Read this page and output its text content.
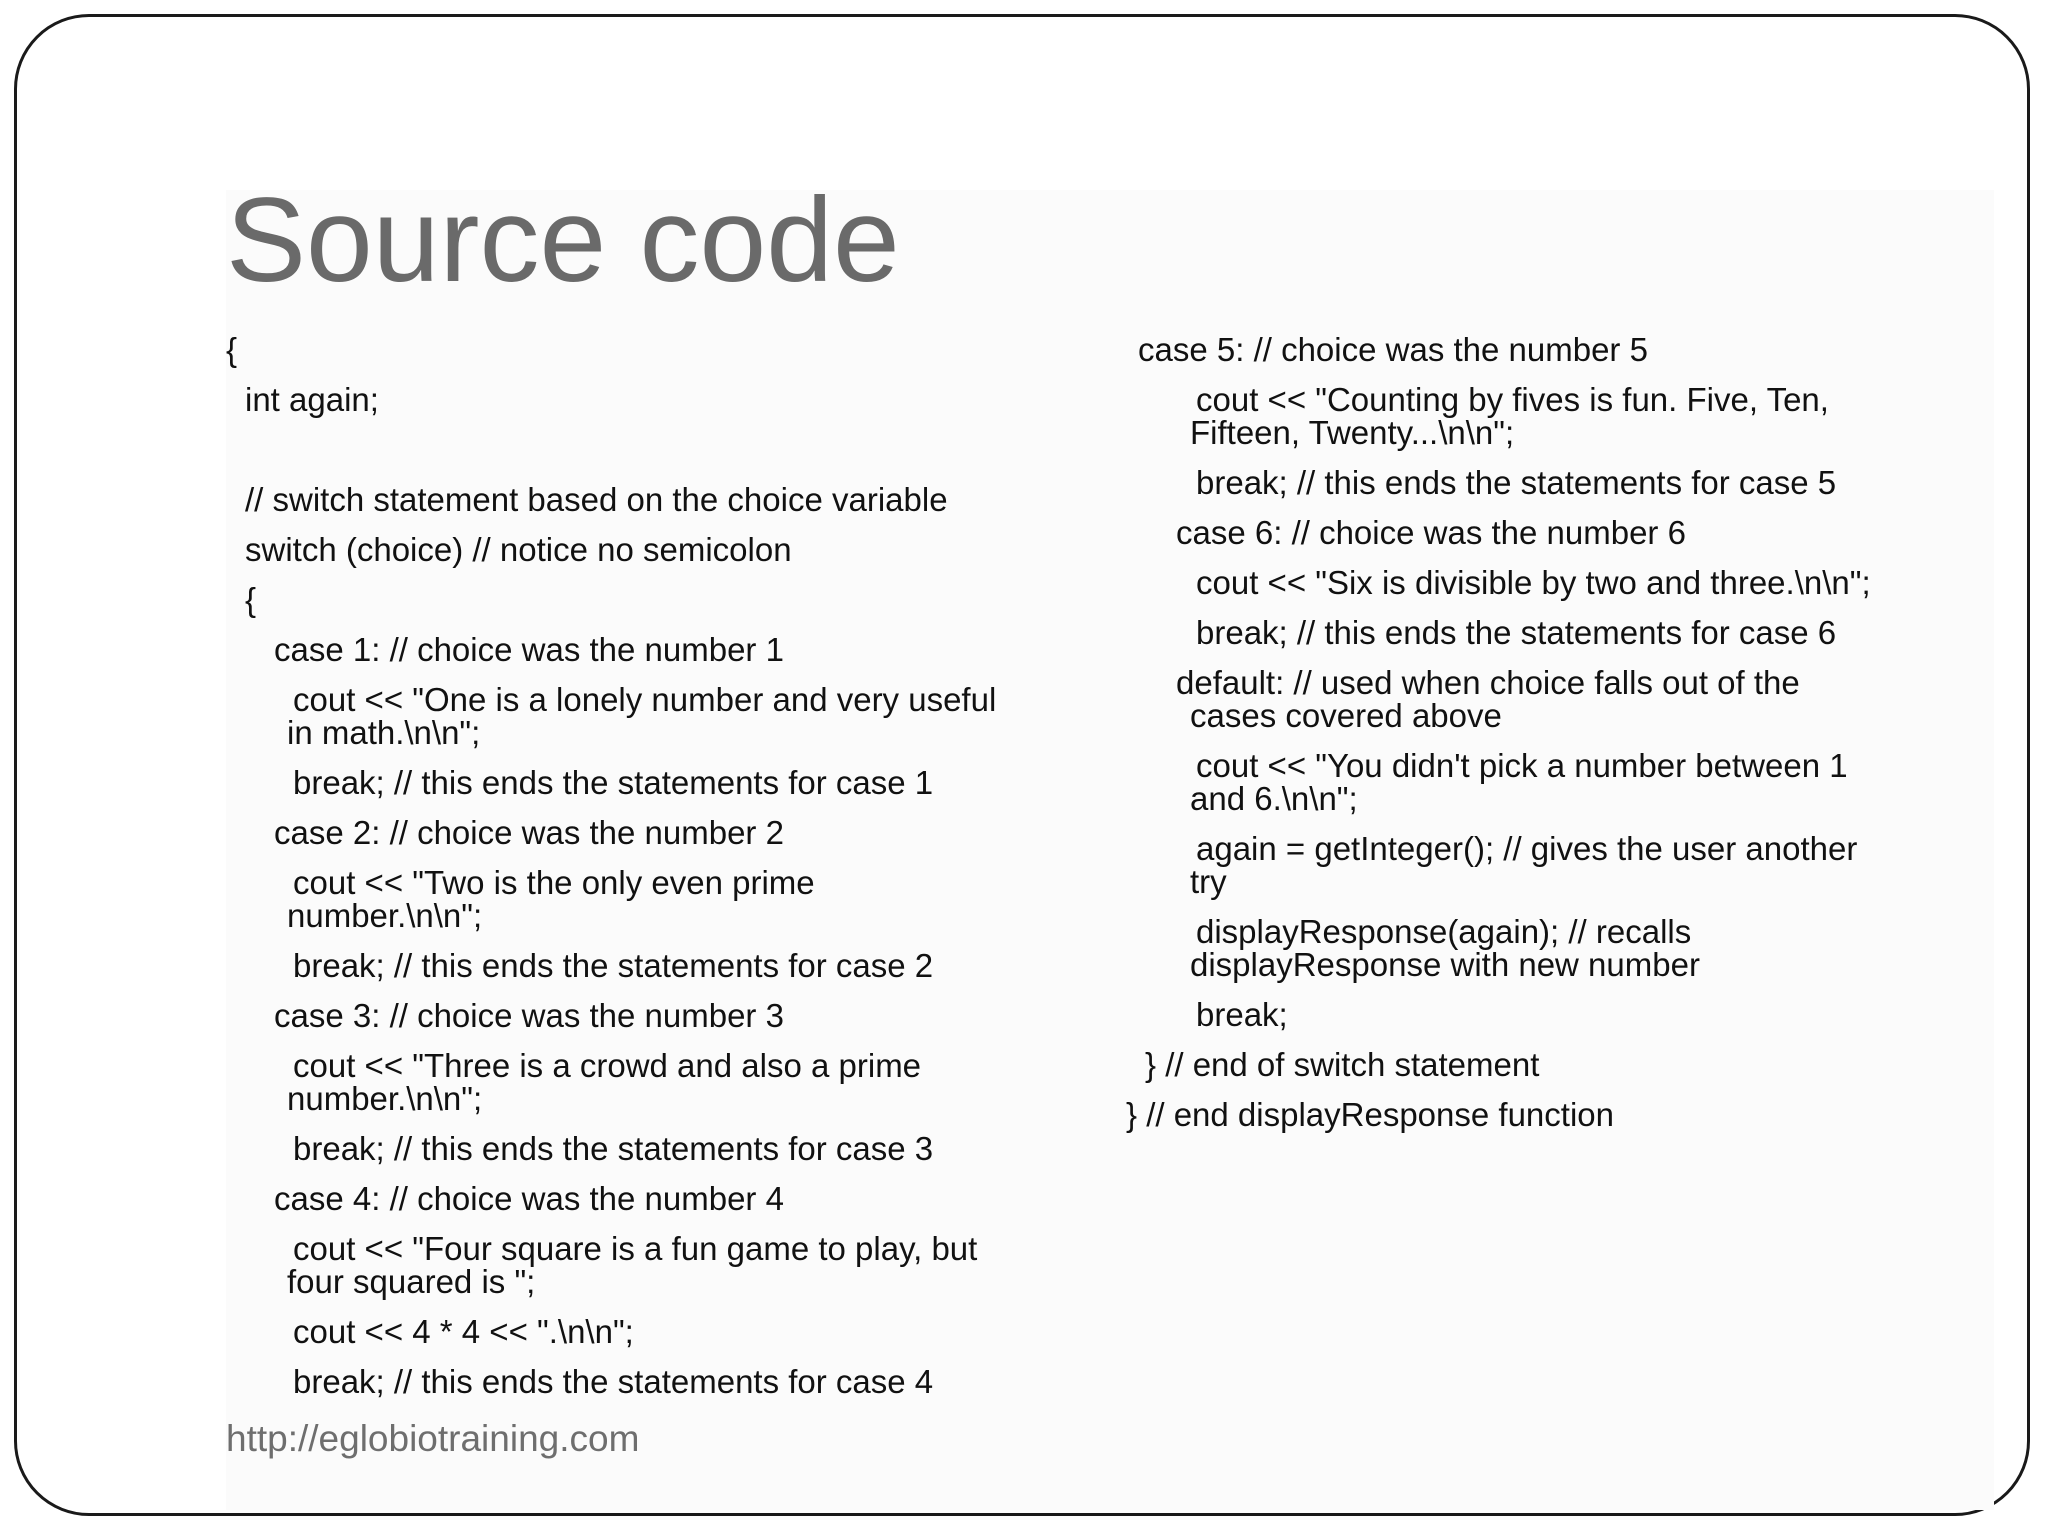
Source code

{

int again;

// switch statement based on the choice variable

switch (choice) // notice no semicolon

{

case 1: // choice was the number 1

cout << "One is a lonely number and very useful

in math.\n\n";

break; // this ends the statements for case 1

case 2: // choice was the number 2

cout << "Two is the only even prime

number.\n\n";

break; // this ends the statements for case 2

case 3: // choice was the number 3

cout << "Three is a crowd and also a prime

number.\n\n";

break; // this ends the statements for case 3

case 4: // choice was the number 4

cout << "Four square is a fun game to play, but

four squared is ";

cout << 4 * 4 << ".\n\n";

break; // this ends the statements for case 4

case 5: // choice was the number 5

cout << "Counting by fives is fun. Five, Ten,

Fifteen, Twenty...\n\n";

break; // this ends the statements for case 5

case 6: // choice was the number 6

cout << "Six is divisible by two and three.\n\n";

break; // this ends the statements for case 6

default: // used when choice falls out of the

cases covered above

cout << "You didn't pick a number between 1

and 6.\n\n";

again = getInteger(); // gives the user another

try

displayResponse(again); // recalls

displayResponse with new number

break;

} // end of switch statement

} // end displayResponse function

http://eglobiotraining.com
